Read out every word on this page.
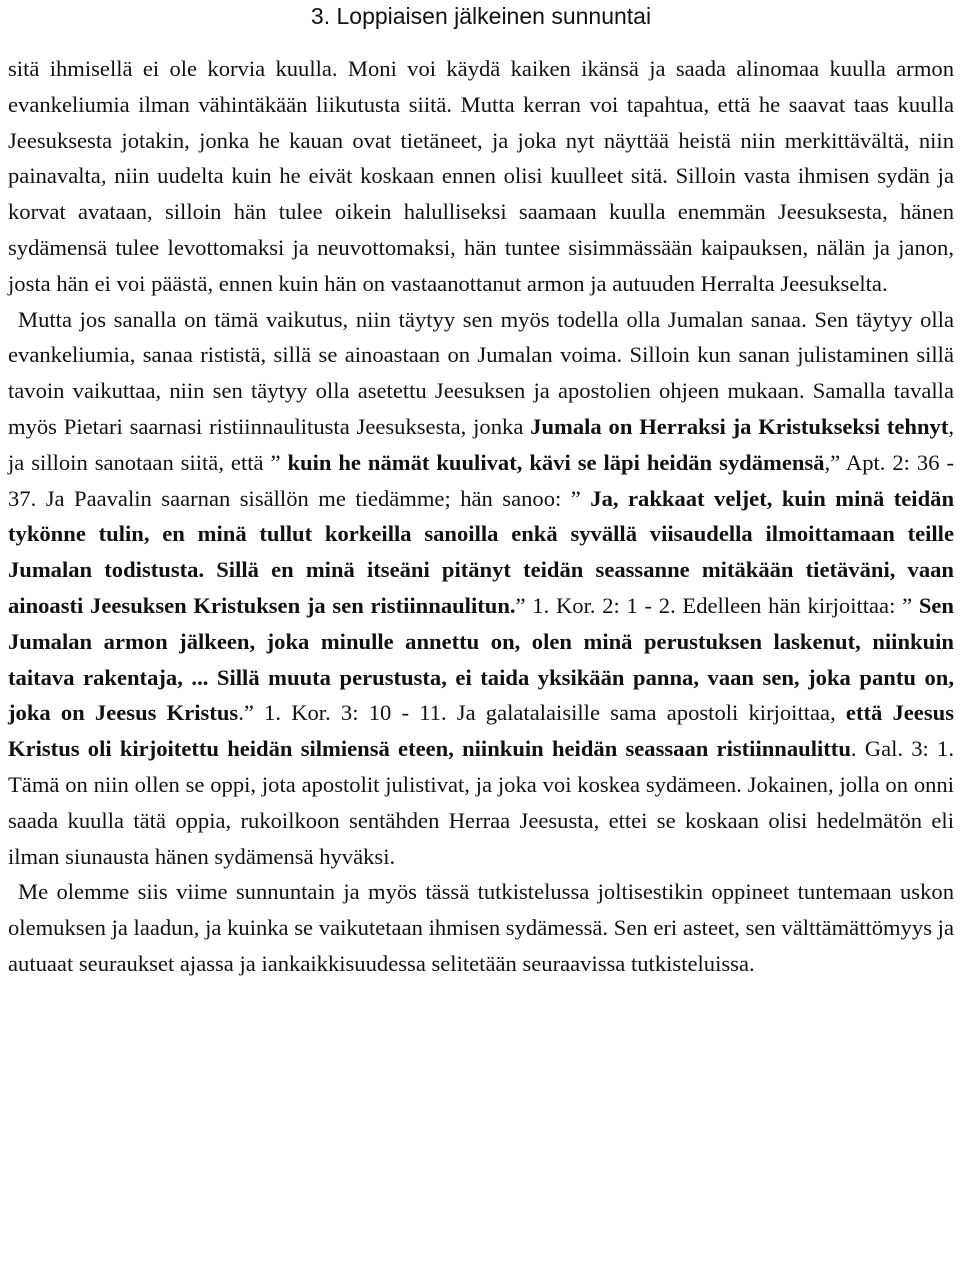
3. Loppiaisen jälkeinen sunnuntai

sitä ihmisellä ei ole korvia kuulla. Moni voi käydä kaiken ikänsä ja saada alinomaa kuulla armon evankeliumia ilman vähintäkään liikutusta siitä. Mutta kerran voi tapahtua, että he saavat taas kuulla Jeesuksesta jotakin, jonka he kauan ovat tietäneet, ja joka nyt näyttää heistä niin merkittävältä, niin painavalta, niin uudelta kuin he eivät koskaan ennen olisi kuulleet sitä. Silloin vasta ihmisen sydän ja korvat avataan, silloin hän tulee oikein halulliseksi saamaan kuulla enemmän Jeesuksesta, hänen sydämensä tulee levottomaksi ja neuvottomaksi, hän tuntee sisimmässään kaipauksen, nälän ja janon, josta hän ei voi päästä, ennen kuin hän on vastaanottanut armon ja autuuden Herralta Jeesukselta.

Mutta jos sanalla on tämä vaikutus, niin täytyy sen myös todella olla Jumalan sanaa. Sen täytyy olla evankeliumia, sanaa rististä, sillä se ainoastaan on Jumalan voima. Silloin kun sanan julistaminen sillä tavoin vaikuttaa, niin sen täytyy olla asetettu Jeesuksen ja apostolien ohjeen mukaan. Samalla tavalla myös Pietari saarnasi ristiinnaulitusta Jeesuksesta, jonka Jumala on Herraksi ja Kristukseksi tehnyt, ja silloin sanotaan siitä, että ” kuin he nämät kuulivat, kävi se läpi heidän sydämensä,” Apt. 2: 36 - 37. Ja Paavalin saarnan sisällön me tiedämme; hän sanoo: ” Ja, rakkaat veljet, kuin minä teidän tykönne tulin, en minä tullut korkeilla sanoilla enkä syvällä viisaudella ilmoittamaan teille Jumalan todistusta. Sillä en minä itseäni pitänyt teidän seassanne mitäkään tietäväni, vaan ainoasti Jeesuksen Kristuksen ja sen ristiinnaulitun.” 1. Kor. 2: 1 - 2. Edelleen hän kirjoittaa: ” Sen Jumalan armon jälkeen, joka minulle annettu on, olen minä perustuksen laskenut, niinkuin taitava rakentaja, ... Sillä muuta perustusta, ei taida yksikään panna, vaan sen, joka pantu on, joka on Jeesus Kristus.” 1. Kor. 3: 10 - 11. Ja galatalaisille sama apostoli kirjoittaa, että Jeesus Kristus oli kirjoitettu heidän silmiensä eteen, niinkuin heidän seassaan ristiinnaulittu. Gal. 3: 1. Tämä on niin ollen se oppi, jota apostolit julistivat, ja joka voi koskea sydämeen. Jokainen, jolla on onni saada kuulla tätä oppia, rukoilkoon sentähden Herraa Jeesusta, ettei se koskaan olisi hedelmätön eli ilman siunausta hänen sydämensä hyväksi.

Me olemme siis viime sunnuntain ja myös tässä tutkistelussa joltisestikin oppineet tuntemaan uskon olemuksen ja laadun, ja kuinka se vaikutetaan ihmisen sydämessä. Sen eri asteet, sen välttämättömyys ja autuaat seuraukset ajassa ja iankaikkisuudessa selitetään seuraavissa tutkisteluissa.
